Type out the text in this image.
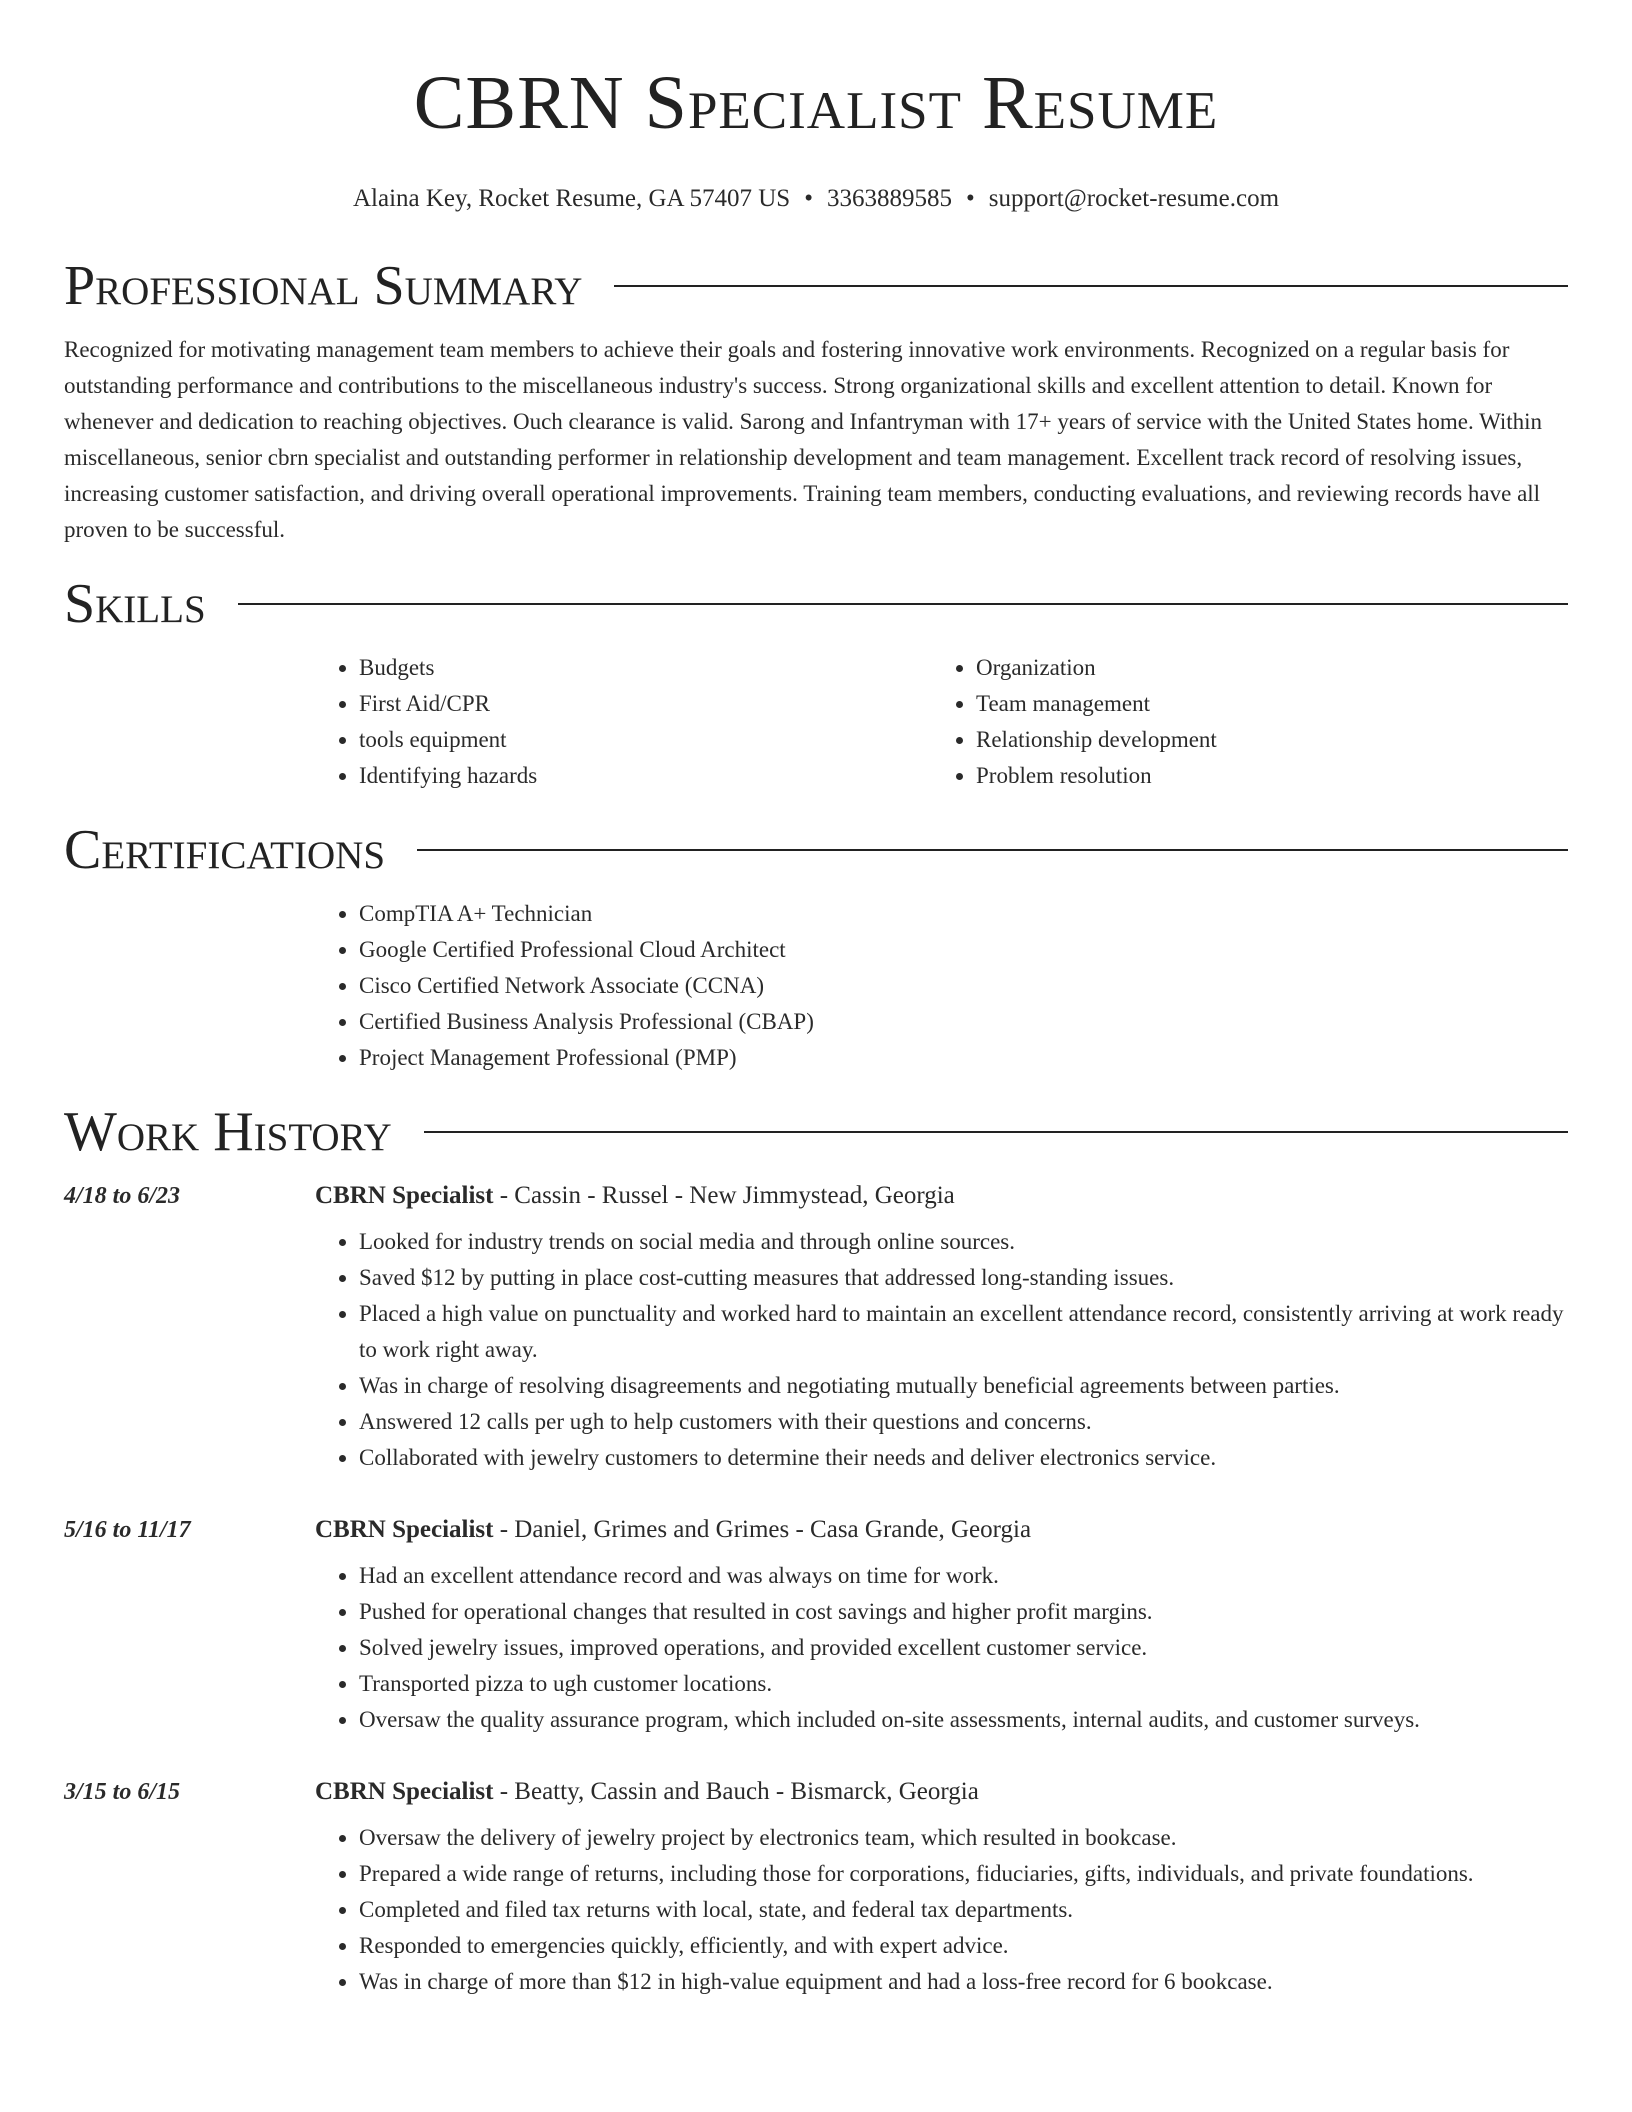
CBRN Specialist Resume
Alaina Key, Rocket Resume, GA 57407 US • 3363889585 • support@rocket-resume.com
Professional Summary

Recognized for motivating management team members to achieve their goals and fostering innovative work environments. Recognized on a regular basis for outstanding performance and contributions to the miscellaneous industry's success. Strong organizational skills and excellent attention to detail. Known for whenever and dedication to reaching objectives. Ouch clearance is valid. Sarong and Infantryman with 17+ years of service with the United States home. Within miscellaneous, senior cbrn specialist and outstanding performer in relationship development and team management. Excellent track record of resolving issues, increasing customer satisfaction, and driving overall operational improvements. Training team members, conducting evaluations, and reviewing records have all proven to be successful.

Skills
• Budgets
• First Aid/CPR
• tools equipment
• Identifying hazards
• Organization
• Team management
• Relationship development
• Problem resolution
Certifications
• CompTIA A+ Technician
• Google Certified Professional Cloud Architect
• Cisco Certified Network Associate (CCNA)
• Certified Business Analysis Professional (CBAP)
• Project Management Professional (PMP)
Work History
4/18 to 6/23	CBRN Specialist - Cassin - Russel - New Jimmystead, Georgia
• Looked for industry trends on social media and through online sources.
• Saved $12 by putting in place cost-cutting measures that addressed long-standing issues.
• Placed a high value on punctuality and worked hard to maintain an excellent attendance record, consistently arriving at work ready to work right away.
• Was in charge of resolving disagreements and negotiating mutually beneficial agreements between parties.
• Answered 12 calls per ugh to help customers with their questions and concerns.
• Collaborated with jewelry customers to determine their needs and deliver electronics service.
5/16 to 11/17	CBRN Specialist - Daniel, Grimes and Grimes - Casa Grande, Georgia
• Had an excellent attendance record and was always on time for work.
• Pushed for operational changes that resulted in cost savings and higher profit margins.
• Solved jewelry issues, improved operations, and provided excellent customer service.
• Transported pizza to ugh customer locations.
• Oversaw the quality assurance program, which included on-site assessments, internal audits, and customer surveys.
3/15 to 6/15	CBRN Specialist - Beatty, Cassin and Bauch - Bismarck, Georgia
• Oversaw the delivery of jewelry project by electronics team, which resulted in bookcase.
• Prepared a wide range of returns, including those for corporations, fiduciaries, gifts, individuals, and private foundations.
• Completed and filed tax returns with local, state, and federal tax departments.
• Responded to emergencies quickly, efficiently, and with expert advice.
• Was in charge of more than $12 in high-value equipment and had a loss-free record for 6 bookcase.
